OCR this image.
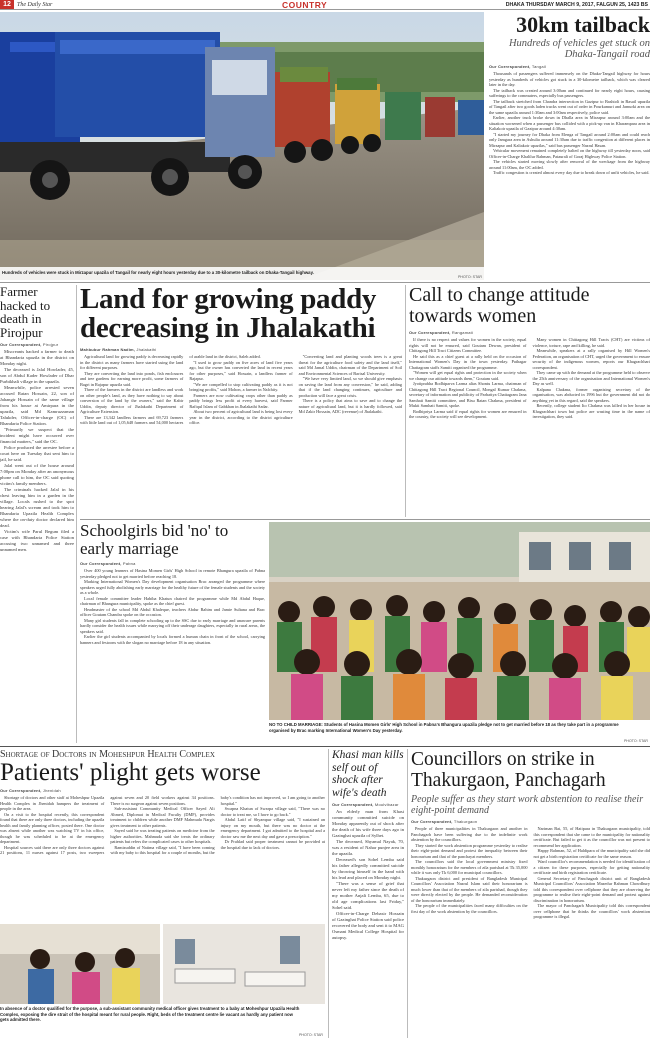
12	The Daily Star	COUNTRY	DHAKA THURSDAY MARCH 9, 2017, FALGUN 25, 1423 BS
Hundreds of vehicles were stuck in Mirzapur upazila of Tangail for nearly eight hours yesterday due to a 30-kilometre tailback on Dhaka-Tangail highway.
PHOTO: STAR
30km tailback
Hundreds of vehicles get stuck on Dhaka-Tangail road
Our Correspondent, Tangail

Thousands of passengers suffered immensely on the Dhaka-Tangail highway for hours yesterday as hundreds of vehicles got stuck in a 30-kilometre tailback, which was cleared later in the day.

The tailback was created around 3:00am and continued for nearly eight hours, causing sufferings to the commuters, especially bus passengers.

The tailback stretched from Chandra intersection in Gazipur to Bashtoli in Basail upazila of Tangail after two goods laden trucks went out of order in Pourkamuri and Jamurki area on the same upazila around 1:30am and 3:00am respectively, police said.

Earlier, another truck broke down in Dhalla area in Mirzapur around 3:00am and the situation worsened when a passenger bus collided with a pick-up van in Kharampara area in Kaliakoir upazila of Gazipur around 4:30am.

"I started my journey for Dhaka from Elenga of Tangail around 2:00am and could reach only Jamgara area in Ashulia around 11:30am due to traffic congestion at different places in Mirzapur and Kaliakoir upazilas," said bus passenger Nazrul Hasan.

Vehicular movement remained completely halted on the highway till yesterday noon, said Officer-in-Charge Khalilur Rahman, Pataurali of Goraj Highway Police Station.

The vehicles started moving slowly after removal of the wreckage from the highway around 11:00am, the OC added.

Traffic congestion is created almost every day due to break down of unfit vehicles, he said.

Farmer hacked to death in Pirojpur
Our Correspondent, Pirojpur

Miscreants hacked a farmer to death at Bhandaria upazila in the district on Monday night.

The deceased is Jalal Howlader, 45, son of Abdul Kader Howlader of Dhar Purbikhali village in the upazila.

Meanwhile, police arrested seven accused Ratan Hossain, 22, son of Jahangir Hossain of the same village from his house at Amirpara in the upazila, said Md Kamruzzaman Talukder, Officer-in-charge (OC) of Bhandaria Police Station.

"Primarily we suspect that the incident might have occurred over financial matters," said the OC.

Police produced the arrestee before a court here on Tuesday that sent him to jail, he said.

Jalal went out of the house around 7:00pm on Monday after an anonymous phone call to him, the OC said quoting victim's family members.

The criminals hacked Jalal in his chest leaving him in a garden in the village. Locals rushed to the spot hearing Jalal's scream and took him to Bhandaria Upazila Health Complex where the on-duty doctor declared him dead.

Victim's wife Parul Begum filed a case with Bhandaria Police Station accusing two unnamed and three unnamed men.

Land for growing paddy decreasing in Jhalakathi
Mahbubur Rahman Nadim, Jhalakathi

Agricultural land for growing paddy is decreasing rapidly in the district as many farmers have started using the land for different purposes.

They are converting the land into ponds, fish enclosures and tree gardens for earning more profit, some farmers of Bagri in Rajapur upazila said.

Three of the farmers in the district are landless and work on other people's land, as they have nothing to say about conversion of the land by the owners," said the Kabir Uddin, deputy director of Jhalakathi Department of Agriculture Extension.

There are 13,342 landless farmers and 69,723 farmers with little land out of 1,05,648 farmers and 54,000 hectares of arable land in the district, Saleh added.

"I used to grow paddy on five acres of land five years ago, but the owner has converted the land in recent years for other purposes," said Hossain, a landless farmer of Rajapur.

"We are compelled to stop cultivating paddy as it is not bringing profits," said Mohon, a farmer in Nalchity.

Farmers are now cultivating crops other than paddy as paddy brings less profit at every harvest, said Farmer Rafiqul Islam of Gabkhan in Jhalakathi Sadar.

About two percent of agricultural land is being lost every year in the district, according to the district agriculture office.

"Converting land and planting woods trees is a great threat for the agriculture food safety and the land itself," said Md Jamal Uddin, chairman of the Department of Soil and Environmental Sciences of Barisal University.

"We have very limited land, so we should give emphasis on saving the land from any conversion," he said, adding that if the land changing continues, agriculture and production will face a great crisis.

There is a policy that aims to save and to change the nature of agricultural land, but it is hardly followed, said Md Zakir Hossain, ADC (revenue) of Jhalakathi.

Call to change attitude towards women
Our Correspondent, Rangamati

If there is no respect and values for women in the society, equal rights will not be ensured, said Goutam Dewan, president of Chittagong Hill Tract Citizens Committee.

He said this as a chief guest at a rally held on the occasion of International Women's Day in the town yesterday. Pathagar Chattagram staffs Samiti organised the programme.

"Women will get equal rights and protection in the society when we change our attitude towards them," Goutam said.

Jyotiprabha Bodhiparva Larma alias Shontu Larma, chairman of Chittagong Hill Tract Regional Council, Mongal Kumar Chakma, secretary of information and publicity of Parbattya Chattagram Jana Samhati Samiti committee, and Bisu Ratan Chakma, president of Mukti Samhati Samiti, spoke.

Bodhipriya Larma said if equal rights for women are ensured in the country, the society will see development.

Many women in Chittagong Hill Tracts (CHT) are victims of violence, torture, rape and killing, he said.

Meanwhile, speakers at a rally organised by Hill Women's Federation, an organisation of CHT, urged the government to ensure security of the indigenous women, reports our Khagrachhari correspondent.

They came up with the demand at the programme held to observe the 25th anniversary of the organisation and International Women's Day as well.

Kalpana Chakma, former organising secretary of the organisation, was abducted in 1996 but the government did not do anything yet in this regard, said the speakers.

Recently, college student Ito Chakma was killed in her house in Khagrachhari town but police are wasting time in the name of investigation, they said.

Schoolgirls bid 'no' to early marriage
Our Correspondent, Pabna

Over 400 young learners of Hasina Momen Girls' High School in remote Bhangura upazila of Pabna yesterday pledged not to get married before reaching 18.

Marking International Women's Day development organisation Brac arranged the programme where speakers urged fully abolishing early marriage for the healthy future of the female students and the society as a whole.

Local female committee leader Habiba Khatun chaired the programme while Md Abdul Haque, chairman of Bhangura municipality, spoke as the chief guest.

Headmaster of the school Md Abdul Khaleque, teachers Abdur Rahim and Jamie Sultana and Brac officer Goutam Chandra spoke on the occasion.

Many girl students fall in complete schooling up to the SSC due to early marriage and unaware parents hardly consider the health issues while marrying off their underage daughters, especially in rural areas, the speakers said.

Earlier the girl students accompanied by locals formed a human chain in front of the school, carrying banners and festoons with the slogan no marriage before 18 in any situation.

NO TO CHILD MARRIAGE: Students of Hasina Momen Girls' High School in Pabna's Bhangura upazila pledge not to get married before 18 as they take part in a programme organised by Brac marking International Women's Day yesterday.
PHOTO: STAR
Shortage of Doctors in Moheshpur Health Complex
Patients' plight gets worse
Our Correspondent, Jhenidah

Shortage of doctors and other staff at Moheshpur Upazila Health Complex in Jhenidah hampers the treatment of people in the area.

On a visit to the hospital recently, this correspondent found that there are only three doctors, including the upazila health and family planning officer, posted there. One doctor was absent while another was watching TV in his office, though he was scheduled to be at the emergency department.

Hospital sources said there are only three doctors against 21 positions, 11 nurses against 17 posts, two sweepers against seven and 20 field workers against 34 positions. There is no surgeon against seven positions.

Sub-assistant Community Medical Officer Sayed Ali Ahmed, Diplomat in Medical Faculty (DMF), provides treatment to children while another DMF Mahmuda Nargis gives treatment to other patients.

Sayed said he was treating patients on medicine from the higher authorities. Mahmuda said she treats the ordinary patients but refers the complicated cases to other hospitals.

Ramizuddin of Natima village said, "I have been coming with my baby to this hospital for a couple of months, but the baby's condition has not improved, so I am going to another hospital."

Swapna Khatun of Swarpa village said, "There was no doctor to treat me, so I have to go back."

Abdul Latif of Shyampur village said, "I sustained an injury on my mouth, but there was no doctor at the emergency department. I got admitted to the hospital and a doctor saw me the next day and gave a prescription."

Dr Prahlad said proper treatment cannot be provided at the hospital due to lack of doctors.

In absence of a doctor qualified for the purpose, a sub-assistant community medical officer gives treatment to a baby at Moheshpur Upazila Health Complex, exposing the dire strait of the hospital meant for rural people. Right, beds of the treatment centre lie vacant as hardly any patient now gets admitted there.
PHOTO: STAR
Khasi man kills self out of shock after wife's death
Our Correspondent, Moulvibazar

An elderly man from Khasi community committed suicide on Monday apparently out of shock after the death of his wife three days ago in Gazinghat upazila of Sylhet.

The deceased, Shyamal Nayak, 70, was a resident of Nahar punjee area in the upazila.

Deceased's son Sohel Lemba said his father allegedly committed suicide by throwing himself in the hand with his lead and placed on Monday night.

"There was a sense of grief that never left my father since the death of my mother Anjali Lemba, 65, due to old age complications last Friday," Sohel said.

Officer-in-Charge Debasir Hossain of Gazinghat Police Station said police recovered the body and sent it to MAG Osmani Medical College Hospital for autopsy.

Councillors on strike in Thakurgaon, Panchagarh
People suffer as they start work abstention to realise their eight-point demand
Our Correspondent, Thakurgaon

People of three municipalities in Thakurgaon and another in Panchagarh have been suffering due to the indefinite work abstention by the councillors.

They started the work abstention programme yesterday to realise their eight-point demand and protest the inequality between their honorarium and that of the panchayat members.

The councillors said the local government ministry fixed monthly honorarium for the members of zila parishad at Tk 35,000 while it was only Tk 6,000 for municipal councillors.

Thakurgaon district and president of Bangladesh Municipal Councillors' Association Nazrul Islam said their honorarium is much lower than that of the members of zila parishad, though they were directly elected by the people. He demanded reconsideration of the honorarium immediately.

The people of the municipalities faced many difficulties on the first day of the work abstention by the councillors.

Nariman Bai, 55, of Hatipara in Thakurgaon municipality, told this correspondent that she came to the municipality for nationality certificate. But failed to get it as the councillor was not present to recommend her application.

Happy Rahman, 52, of Haldipara of the municipality said she did not get a birth registration certificate for the same reason.

Ward councillor's recommendation is needed for identification of a citizen for these purposes, especially for getting nationality certificate and birth registration certificate.

General Secretary of Panchagarh district unit of Bangladesh Municipal Councillors' Association Mazedur Rahman Chowdhury told this correspondent over cellphone that they are observing the programme to realise their eight-point demand and protest against discrimination in honorarium.

The mayor of Panchagarh Municipality told this correspondent over cellphone that he thinks the councillors' work abstention programme is illegal.
